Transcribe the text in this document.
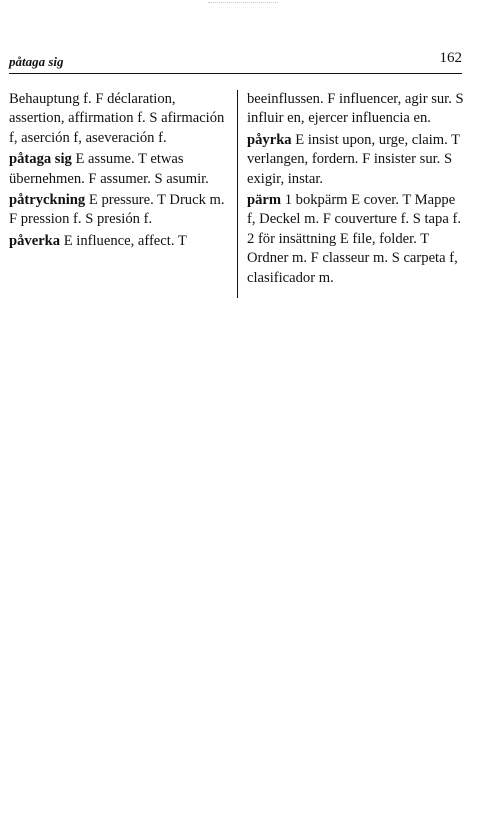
påtaga sig	162

Behauptung f. F déclaration, assertion, affirmation f. S afirmación f, aserción f, aseveración f.

påtaga sig E assume. T etwas übernehmen. F assumer. S asumir.

påtryckning E pressure. T Druck m. F pression f. S presión f.

påverka E influence, affect. T

beeinflussen. F influencer, agir sur. S influir en, ejercer influencia en.

påyrka E insist upon, urge, claim. T verlangen, fordern. F insister sur. S exigir, instar.

pärm 1 bokpärm E cover. T Mappe f, Deckel m. F couverture f. S tapa f. 2 för insättning E file, folder. T Ordner m. F classeur m. S carpeta f, clasificador m.
